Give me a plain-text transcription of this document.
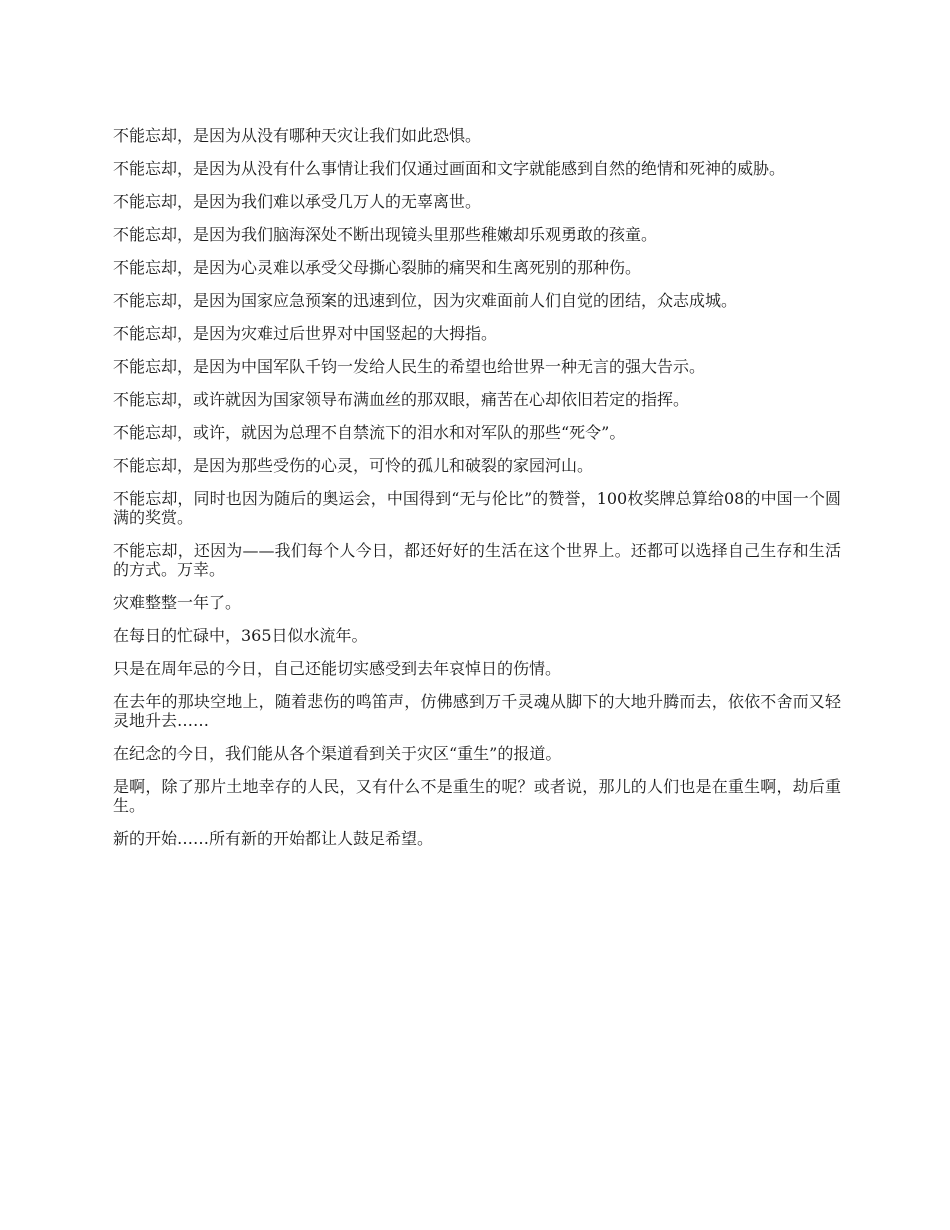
不能忘却，是因为从没有哪种天灾让我们如此恐惧。

不能忘却，是因为从没有什么事情让我们仅通过画面和文字就能感到自然的绝情和死神的威胁。

不能忘却，是因为我们难以承受几万人的无辜离世。

不能忘却，是因为我们脑海深处不断出现镜头里那些稚嫩却乐观勇敢的孩童。

不能忘却，是因为心灵难以承受父母撕心裂肺的痛哭和生离死别的那种伤。

不能忘却，是因为国家应急预案的迅速到位，因为灾难面前人们自觉的团结，众志成城。

不能忘却，是因为灾难过后世界对中国竖起的大拇指。

不能忘却，是因为中国军队千钧一发给人民生的希望也给世界一种无言的强大告示。

不能忘却，或许就因为国家领导布满血丝的那双眼，痛苦在心却依旧若定的指挥。

不能忘却，或许，就因为总理不自禁流下的泪水和对军队的那些“死令”。

不能忘却，是因为那些受伤的心灵，可怜的孤儿和破裂的家园河山。

不能忘却，同时也因为随后的奥运会，中国得到“无与伦比”的赞誉，100枚奖牌总算给08的中国一个圆满的奖赏。

不能忘却，还因为——我们每个人今日，都还好好的生活在这个世界上。还都可以选择自己生存和生活的方式。万幸。

灾难整整一年了。

在每日的忙碌中，365日似水流年。

只是在周年忌的今日，自己还能切实感受到去年哀悼日的伤情。

在去年的那块空地上，随着悲伤的鸣笛声，仿佛感到万千灵魂从脚下的大地升腾而去，依依不舍而又轻灵地升去……

在纪念的今日，我们能从各个渠道看到关于灾区“重生”的报道。

是啊，除了那片土地幸存的人民，又有什么不是重生的呢？或者说，那儿的人们也是在重生啊，劫后重生。

新的开始……所有新的开始都让人鼓足希望。
